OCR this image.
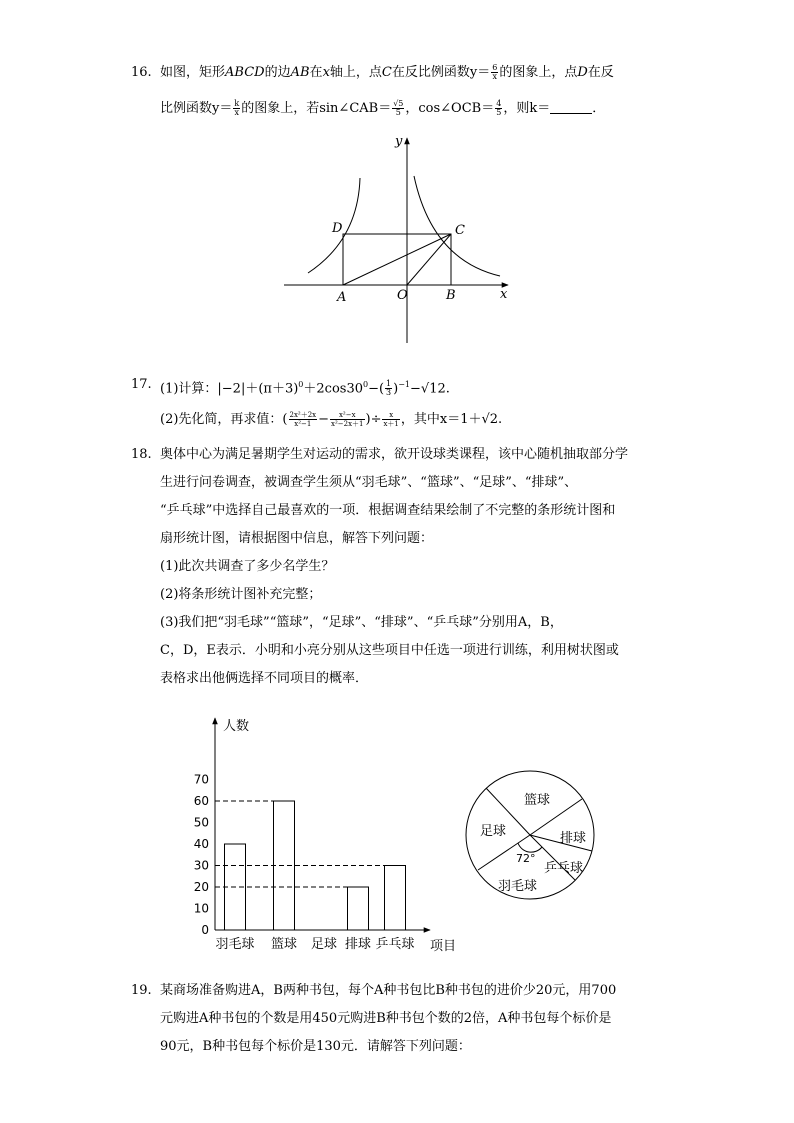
16. 如图，矩形ABCD的边AB在x轴上，点C在反比例函数$y= \frac{6}{x}$ 的图象上，点D在反
比例函数$y= \frac{k}{x}$ 的图象上，若sin∠CAB＝ $\frac{√5}{5}$ ，cos∠OCB＝ $\frac{4}{5}$ ，则k＝	．
y
x
D	C
A	O	B
17. (1)计算：$|-2|+(\pi+3)^0+2\cos 30^0-( \frac{1}{3} )^{-1}-√12$.
(2)先化简，再求值：( $\frac{\text{2x²＋2x}}{\text{x²−1}} - \frac{\text{x²−x}}{\text{x²−2x＋1}}$ )÷ $\frac{x}{x+1}$ ，其中x＝1＋√2.
18. 奥体中心为满足暑期学生对运动的需求，欲开设球类课程，该中心随机抽取部分学
生进行问卷调查，被调查学生须从“羽毛球”、“篮球”、“足球”、“排球”、
“乒乓球”中选择自己最喜欢的一项．根据调查结果绘制了不完整的条形统计图和
扇形统计图，请根据图中信息，解答下列问题：
(1)此次共调查了多少名学生？
(2)将条形统计图补充完整；
(3)我们把“羽毛球”“篮球”，“足球”、“排球”、“乒乓球”分别用A，B，
C，D，E表示．小明和小亮分别从这些项目中任选一项进行训练，利用树状图或
表格求出他俩选择不同项目的概率．
人数
项目
0
10
20
30
40
50
60
70
羽毛球 篮球 足球 排球 乒乓球
篮球
排球
乒乓球
羽毛球
足球
72°
19. 某商场准备购进A，B两种书包，每个A种书包比B种书包的进价少20元，用700
元购进A种书包的个数是用450元购进B种书包个数的2倍，A种书包每个标价是
90元，B种书包每个标价是130元．请解答下列问题：
